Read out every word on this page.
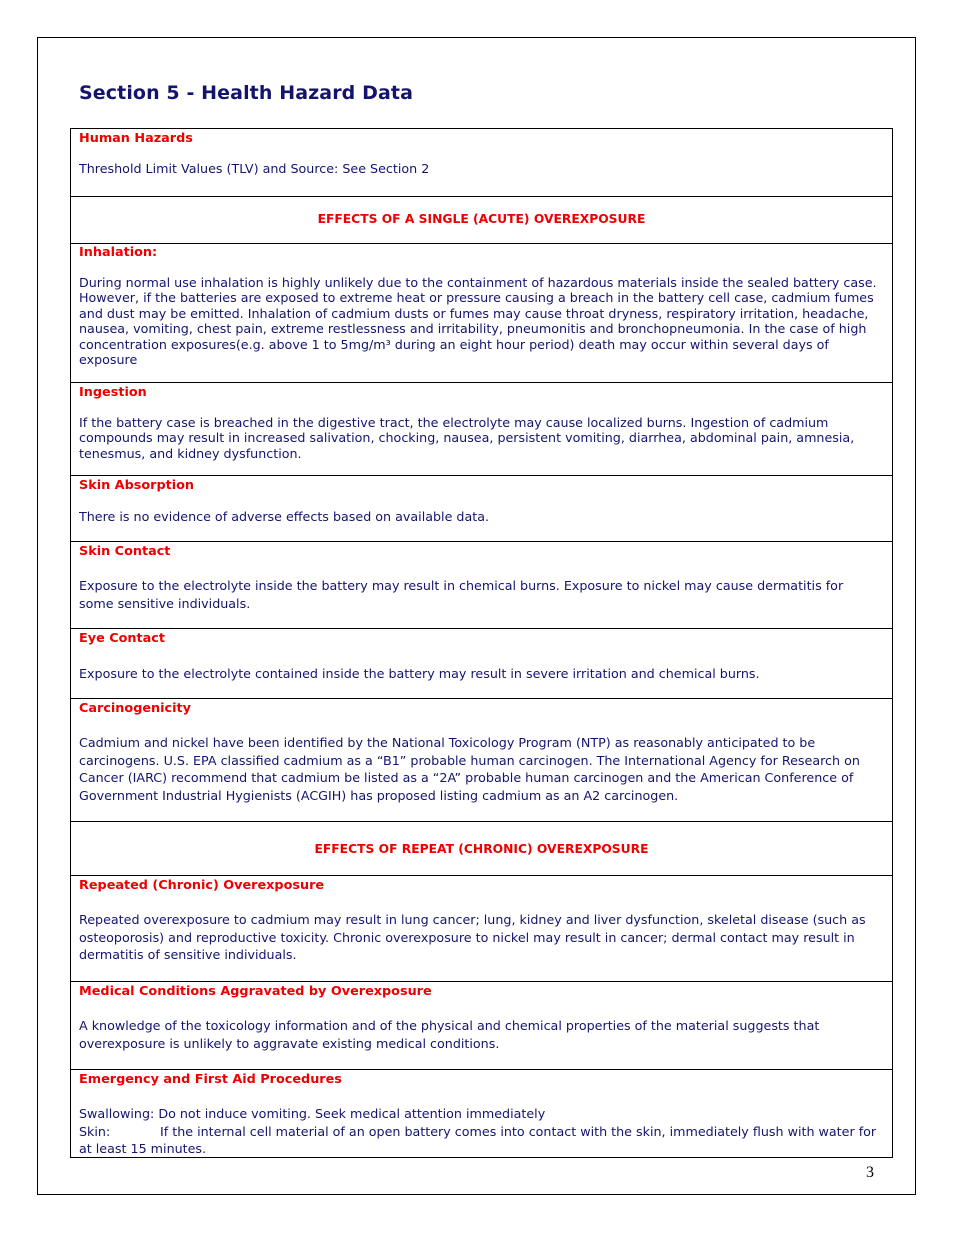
Section 5 - Health Hazard Data
Human Hazards
Threshold Limit Values (TLV) and Source: See Section 2
EFFECTS OF A SINGLE (ACUTE) OVEREXPOSURE
Inhalation:
During normal use inhalation is highly unlikely due to the containment of hazardous materials inside the sealed battery case. However, if the batteries are exposed to extreme heat or pressure causing a breach in the battery cell case, cadmium fumes and dust may be emitted. Inhalation of cadmium dusts or fumes may cause throat dryness, respiratory irritation, headache, nausea, vomiting, chest pain, extreme restlessness and irritability, pneumonitis and bronchopneumonia. In the case of high concentration exposures(e.g. above 1 to 5mg/m³ during an eight hour period) death may occur within several days of exposure
Ingestion
If the battery case is breached in the digestive tract, the electrolyte may cause localized burns. Ingestion of cadmium compounds may result in increased salivation, chocking, nausea, persistent vomiting, diarrhea, abdominal pain, amnesia, tenesmus, and kidney dysfunction.
Skin Absorption
There is no evidence of adverse effects based on available data.
Skin Contact
Exposure to the electrolyte inside the battery may result in chemical burns. Exposure to nickel may cause dermatitis for some sensitive individuals.
Eye Contact
Exposure to the electrolyte contained inside the battery may result in severe irritation and chemical burns.
Carcinogenicity
Cadmium and nickel have been identified by the National Toxicology Program (NTP) as reasonably anticipated to be carcinogens. U.S. EPA classified cadmium as a “B1” probable human carcinogen. The International Agency for Research on Cancer (IARC) recommend that cadmium be listed as a “2A” probable human carcinogen and the American Conference of Government Industrial Hygienists (ACGIH) has proposed listing cadmium as an A2 carcinogen.
EFFECTS OF REPEAT (CHRONIC) OVEREXPOSURE
Repeated (Chronic) Overexposure
Repeated overexposure to cadmium may result in lung cancer; lung, kidney and liver dysfunction, skeletal disease (such as osteoporosis) and reproductive toxicity. Chronic overexposure to nickel may result in cancer; dermal contact may result in dermatitis of sensitive individuals.
Medical Conditions Aggravated by Overexposure
A knowledge of the toxicology information and of the physical and chemical properties of the material suggests that overexposure is unlikely to aggravate existing medical conditions.
Emergency and First Aid Procedures
Swallowing: Do not induce vomiting. Seek medical attention immediately
Skin:	If the internal cell material of an open battery comes into contact with the skin, immediately flush with water for
at least 15 minutes.
3
